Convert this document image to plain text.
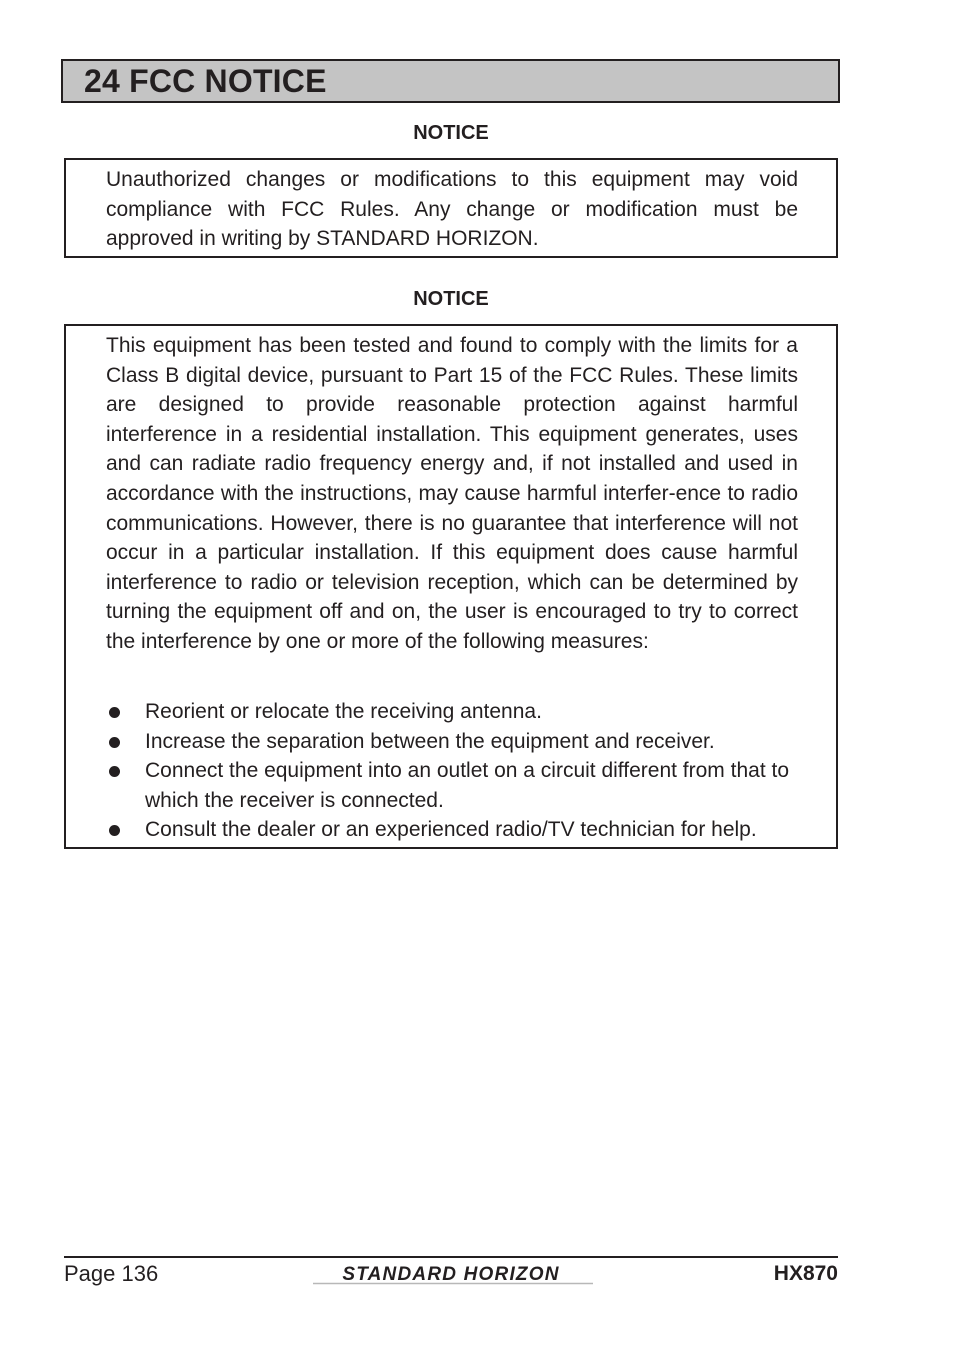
24 FCC NOTICE
NOTICE

Unauthorized changes or modifications to this equipment may void compliance with FCC Rules. Any change or modification must be approved in writing by STANDARD HORIZON.

NOTICE

This equipment has been tested and found to comply with the limits for a Class B digital device, pursuant to Part 15 of the FCC Rules. These limits are designed to provide reasonable protection against harmful interference in a residential installation. This equipment generates, uses and can radiate radio frequency energy and, if not installed and used in accordance with the instructions, may cause harmful interfer-ence to radio communications. However, there is no guarantee that interference will not occur in a particular installation. If this equipment does cause harmful interference to radio or television reception, which can be determined by turning the equipment off and on, the user is encouraged to try to correct the interference by one or more of the following measures:

Reorient or relocate the receiving antenna.
Increase the separation between the equipment and receiver.
Connect the equipment into an outlet on a circuit different from that to which the receiver is connected.
Consult the dealer or an experienced radio/TV technician for help.
Page 136	STANDARD HORIZON	HX870
